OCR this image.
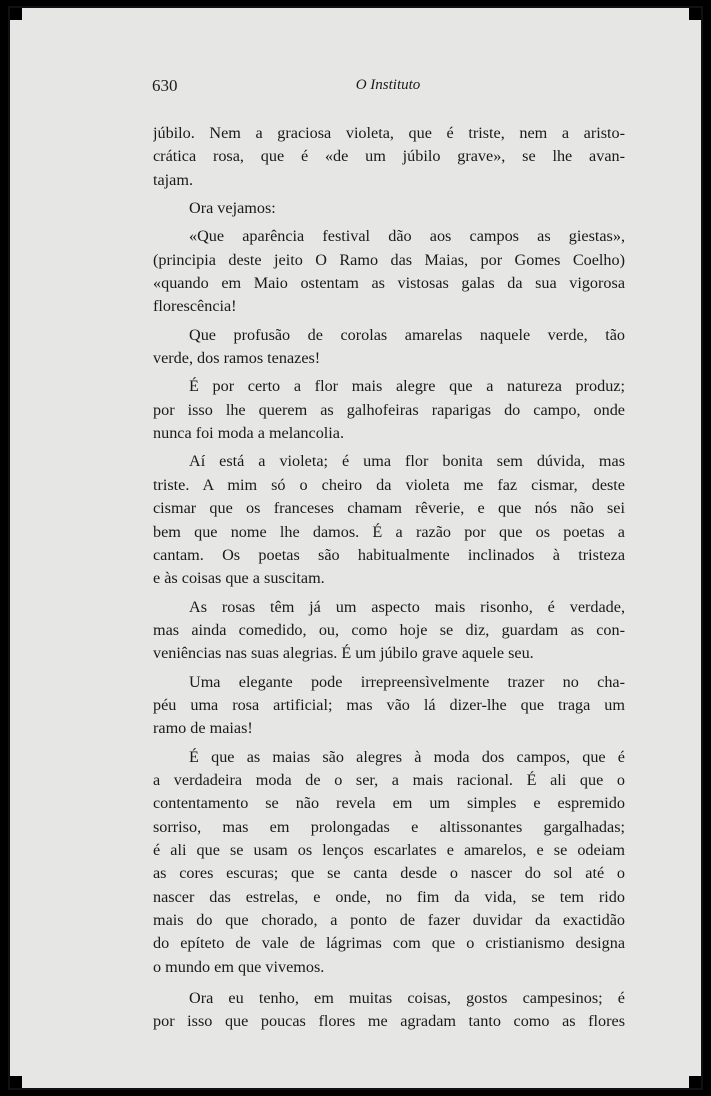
630	O Instituto
júbilo. Nem a graciosa violeta, que é triste, nem a aristo-
crática rosa, que é «de um júbilo grave», se lhe avan-
tajam.
Ora vejamos:
«Que aparência festival dão aos campos as giestas»,
(principia deste jeito O Ramo das Maias, por Gomes Coelho)
«quando em Maio ostentam as vistosas galas da sua vigorosa
florescência!
Que profusão de corolas amarelas naquele verde, tão
verde, dos ramos tenazes!
É por certo a flor mais alegre que a natureza produz;
por isso lhe querem as galhofeiras raparigas do campo, onde
nunca foi moda a melancolia.
Aí está a violeta; é uma flor bonita sem dúvida, mas
triste. A mim só o cheiro da violeta me faz cismar, deste
cismar que os franceses chamam rêverie, e que nós não sei
bem que nome lhe damos. É a razão por que os poetas a
cantam. Os poetas são habitualmente inclinados à tristeza
e às coisas que a suscitam.
As rosas têm já um aspecto mais risonho, é verdade,
mas ainda comedido, ou, como hoje se diz, guardam as con-
veniências nas suas alegrias. É um júbilo grave aquele seu.
Uma elegante pode irrepreensìvelmente trazer no cha-
péu uma rosa artificial; mas vão lá dizer-lhe que traga um
ramo de maias!
É que as maias são alegres à moda dos campos, que é
a verdadeira moda de o ser, a mais racional. É ali que o
contentamento se não revela em um simples e espremido
sorriso, mas em prolongadas e altissonantes gargalhadas;
é ali que se usam os lenços escarlates e amarelos, e se odeiam
as cores escuras; que se canta desde o nascer do sol até o
nascer das estrelas, e onde, no fim da vida, se tem rido
mais do que chorado, a ponto de fazer duvidar da exactidão
do epíteto de vale de lágrimas com que o cristianismo designa
o mundo em que vivemos.
Ora eu tenho, em muitas coisas, gostos campesinos; é
por isso que poucas flores me agradam tanto como as flores
